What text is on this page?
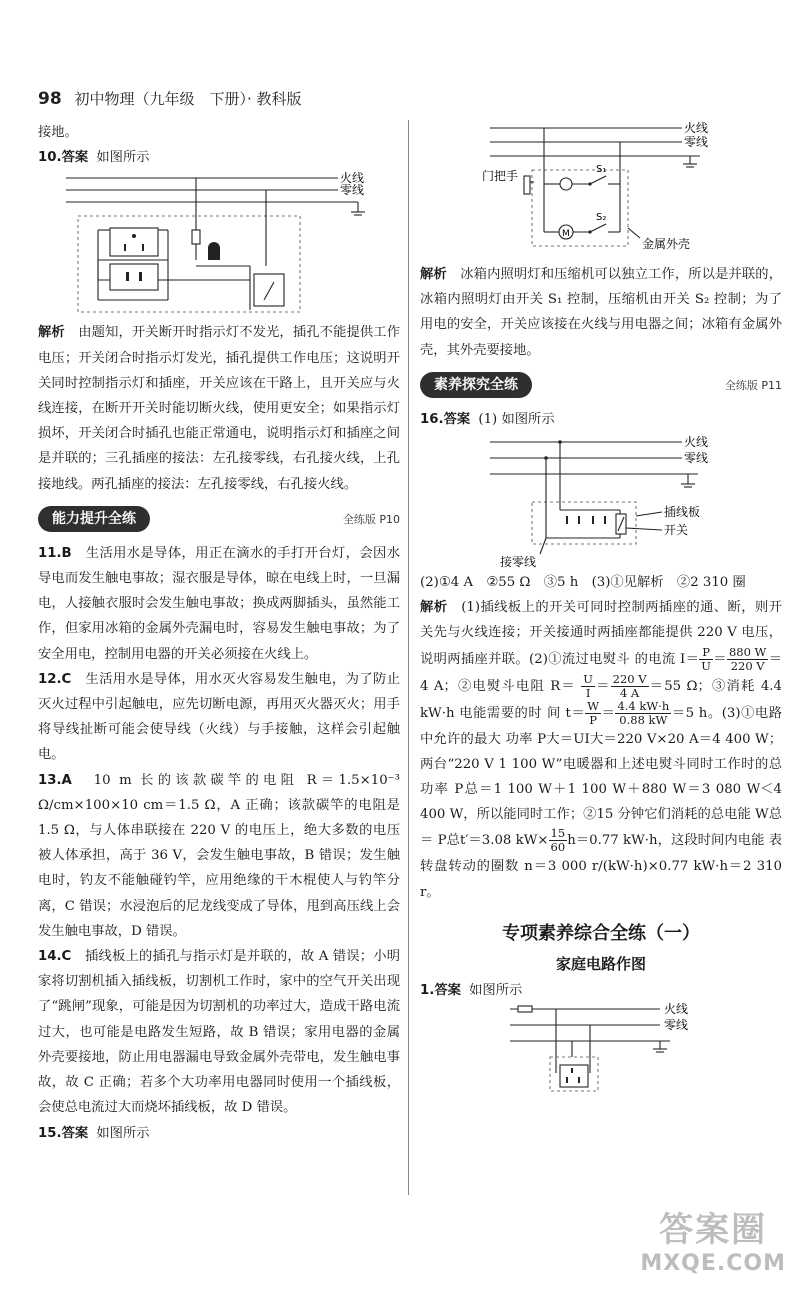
98 初中物理（九年级　下册）· 教科版
接地。
10.答案 如图所示
火线
零线
解析　 由题知，开关断开时指示灯不发光，插孔不能提供工作电压；开关闭合时指示灯发光，插孔提供工作电压；这说明开关同时控制指示灯和插座，开关应该在干路上，且开关应与火线连接，在断开开关时能切断火线，使用更安全；如果指示灯损坏，开关闭合时插孔也能正常通电，说明指示灯和插座之间是并联的；三孔插座的接法：左孔接零线，右孔接火线，上孔接地线。两孔插座的接法：左孔接零线，右孔接火线。
能力提升全练	全练版 P10
11.B　 生活用水是导体，用正在滴水的手打开台灯，会因水导电而发生触电事故；湿衣服是导体，晾在电线上时，一旦漏电，人接触衣服时会发生触电事故；换成两脚插头，虽然能工作，但家用冰箱的金属外壳漏电时，容易发生触电事故；为了安全用电，控制用电器的开关必须接在火线上。
12.C　 生活用水是导体，用水灭火容易发生触电，为了防止灭火过程中引起触电，应先切断电源，再用灭火器灭火；用手将导线扯断可能会使导线（火线）与手接触，这样会引起触电。
13.A　 10 m 长的该款碳竿的电阻 R＝1.5×10⁻³ Ω/cm×100×10 cm＝1.5 Ω，A 正确；该款碳竿的电阻是 1.5 Ω，与人体串联接在 220 V 的电压上，绝大多数的电压被人体承担，高于 36 V，会发生触电事故，B 错误；发生触电时，钓友不能触碰钓竿，应用绝缘的干木棍使人与钓竿分离，C 错误；水浸泡后的尼龙线变成了导体，甩到高压线上会发生触电事故，D 错误。
14.C　 插线板上的插孔与指示灯是并联的，故 A 错误；小明家将切割机插入插线板，切割机工作时，家中的空气开关出现了“跳闸”现象，可能是因为切割机的功率过大，造成干路电流过大，也可能是电路发生短路，故 B 错误；家用电器的金属外壳要接地，防止用电器漏电导致金属外壳带电，发生触电事故，故 C 正确；若多个大功率用电器同时使用一个插线板，会使总电流过大而烧坏插线板，故 D 错误。
15.答案 如图所示
火线
零线
门把手	S₁
S₂
M
金属外壳
解析　 冰箱内照明灯和压缩机可以独立工作，所以是并联的，冰箱内照明灯由开关 S₁ 控制，压缩机由开关 S₂ 控制；为了用电的安全，开关应该接在火线与用电器之间；冰箱有金属外壳，其外壳要接地。
素养探究全练	全练版 P11
16.答案 (1) 如图所示
火线
零线
插线板
开关
接零线
(2)①4 A　②55 Ω　③5 h　(3)①见解析　②2 310 圈
解析　 (1)插线板上的开关可同时控制两插座的通、断，则开关先与火线连接；开关接通时两插座都能提供 220 V 电压，说明两插座并联。(2)①流过电熨斗 的电流 $I= \frac{P}{U} = \frac{880 W}{220 V} =4$ A；②电熨斗电阻 $R= \frac{U}{I} = \frac{220 V}{4 A} =55$ Ω；③消耗 4.4 kW·h 电能需要的时 间 $t= \frac{W}{P} = \frac{4.4 kW\cdot h}{0.88 kW} =5$ h。(3)①电路中允许的最大 功率 P大＝UI大＝220 V×20 A＝4 400 W；两台“220 V 1 100 W”电暖器和上述电熨斗同时工作时的总功率 P总＝1 100 W＋1 100 W＋880 W＝3 080 W＜4 400 W，所以能同时工作；②15 分钟它们消耗的总电能 W总＝ P总t′＝3.08 $kW\times \frac{15}{60} h=0.77$ kW·h，这段时间内电能 表转盘转动的圈数 n＝3 000 r/(kW·h)×0.77 kW·h＝2 310 r。
专项素养综合全练（一）
家庭电路作图
1.答案 如图所示
火线
零线
答案圈
MXQE.COM
